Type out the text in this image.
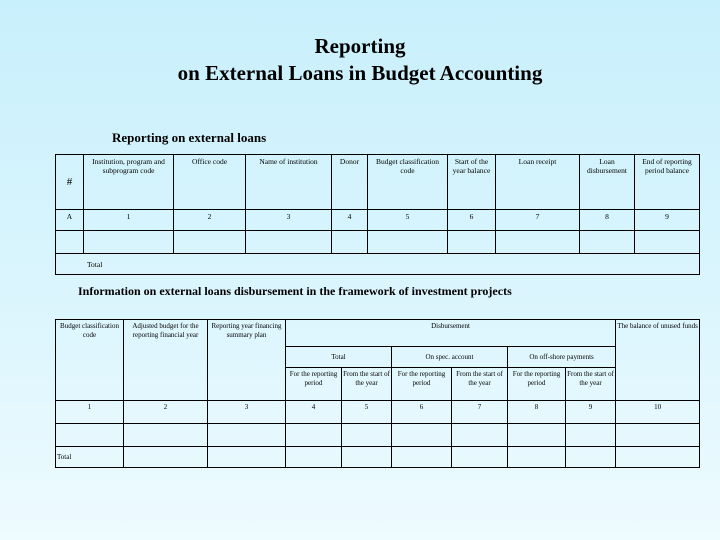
Reporting
on External Loans in Budget Accounting
Reporting on external loans
#	Institution, program and subprogram code	Office code	Name of institution	Donor	Budget classification code	Start of the year balance	Loan receipt	Loan disbursement	End of reporting period balance
A	1	2	3	4	5	6	7	8	9

Total									
Information on external loans disbursement in the framework of investment projects
Budget classification code	Adjusted budget for the reporting financial year	Reporting year financing summary plan	Disbursement						The balance of unused funds
			Total		On spec. account		On off-shore payments		
			For the reporting period	From the start of the year	For the reporting period	From the start of the year	For the reporting period	From the start of the year	
1	2	3	4	5	6	7	8	9	10

Total									
